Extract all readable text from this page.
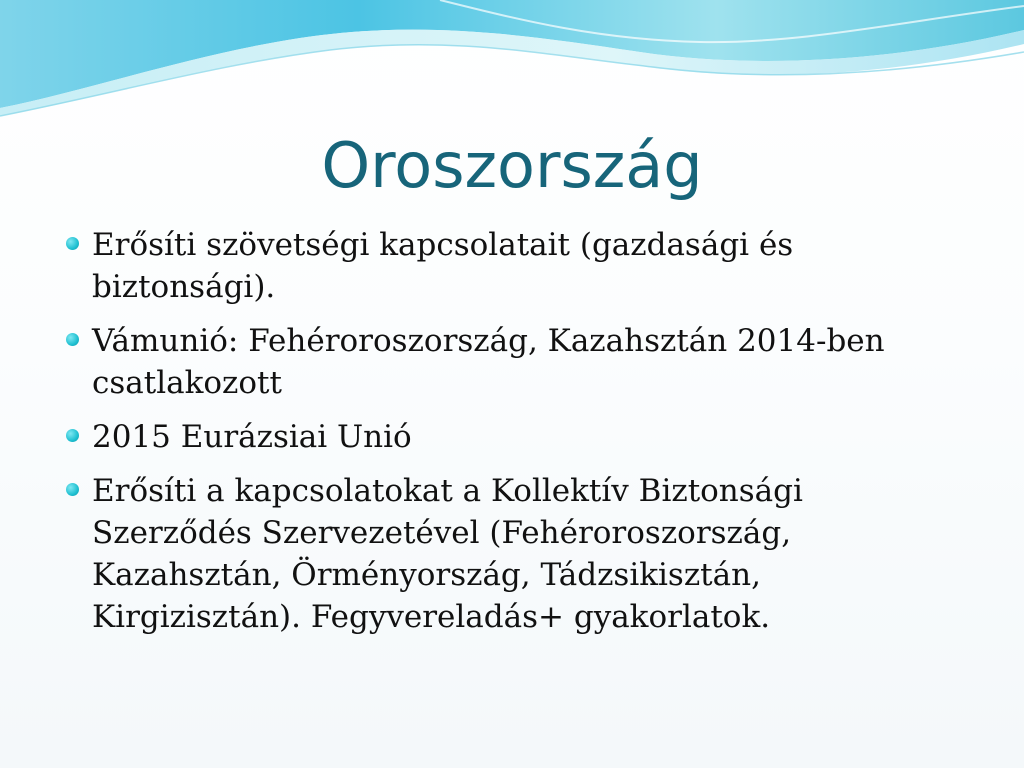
Oroszország
Erősíti szövetségi kapcsolatait (gazdasági és biztonsági).
Vámunió: Fehéroroszország, Kazahsztán 2014-ben csatlakozott
2015 Eurázsiai Unió
Erősíti a kapcsolatokat a Kollektív Biztonsági Szerződés Szervezetével (Fehéroroszország, Kazahsztán, Örményország, Tádzsikisztán, Kirgizisztán). Fegyvereladás+ gyakorlatok.
